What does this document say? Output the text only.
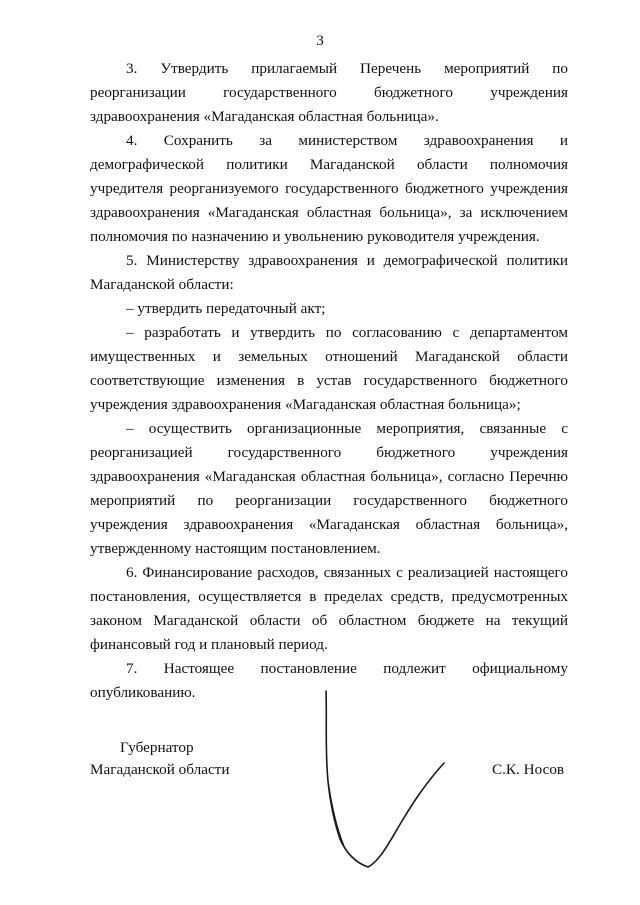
3

3. Утвердить прилагаемый Перечень мероприятий по реорганизации государственного бюджетного учреждения здравоохранения «Магаданская областная больница».

4. Сохранить за министерством здравоохранения и демографической политики Магаданской области полномочия учредителя реорганизуемого государственного бюджетного учреждения здравоохранения «Магаданская областная больница», за исключением полномочия по назначению и увольнению руководителя учреждения.

5. Министерству здравоохранения и демографической политики Магаданской области:

– утвердить передаточный акт;

– разработать и утвердить по согласованию с департаментом имущественных и земельных отношений Магаданской области соответствующие изменения в устав государственного бюджетного учреждения здравоохранения «Магаданская областная больница»;

– осуществить организационные мероприятия, связанные с реорганизацией государственного бюджетного учреждения здравоохранения «Магаданская областная больница», согласно Перечню мероприятий по реорганизации государственного бюджетного учреждения здравоохранения «Магаданская областная больница», утвержденному настоящим постановлением.

6. Финансирование расходов, связанных с реализацией настоящего постановления, осуществляется в пределах средств, предусмотренных законом Магаданской области об областном бюджете на текущий финансовый год и плановый период.

7. Настоящее постановление подлежит официальному опубликованию.

Губернатор
Магаданской области	С.К. Носов
